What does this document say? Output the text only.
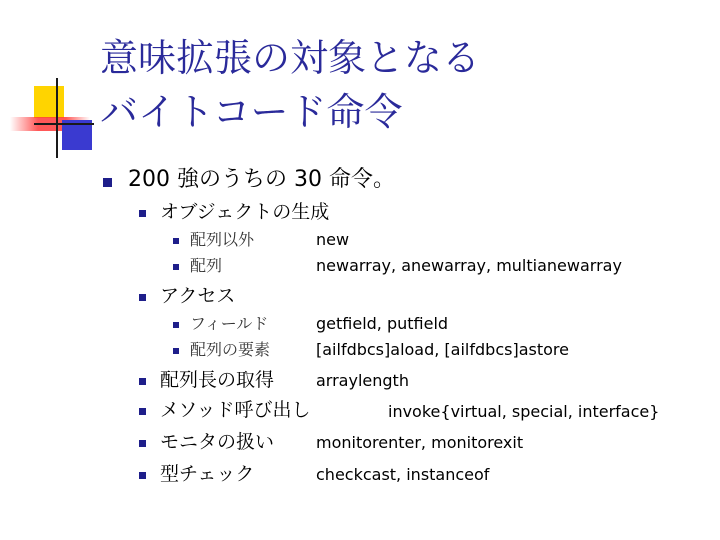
意味拡張の対象となる
バイトコード命令
200 強のうちの 30 命令。
オブジェクトの生成
配列以外	new
配列	newarray, anewarray, multianewarray
アクセス
フィールド	getfield, putfield
配列の要素	[ailfdbcs]aload, [ailfdbcs]astore
配列長の取得	arraylength
メソッド呼び出し	invoke{virtual, special, interface}
モニタの扱い	monitorenter, monitorexit
型チェック	checkcast, instanceof
